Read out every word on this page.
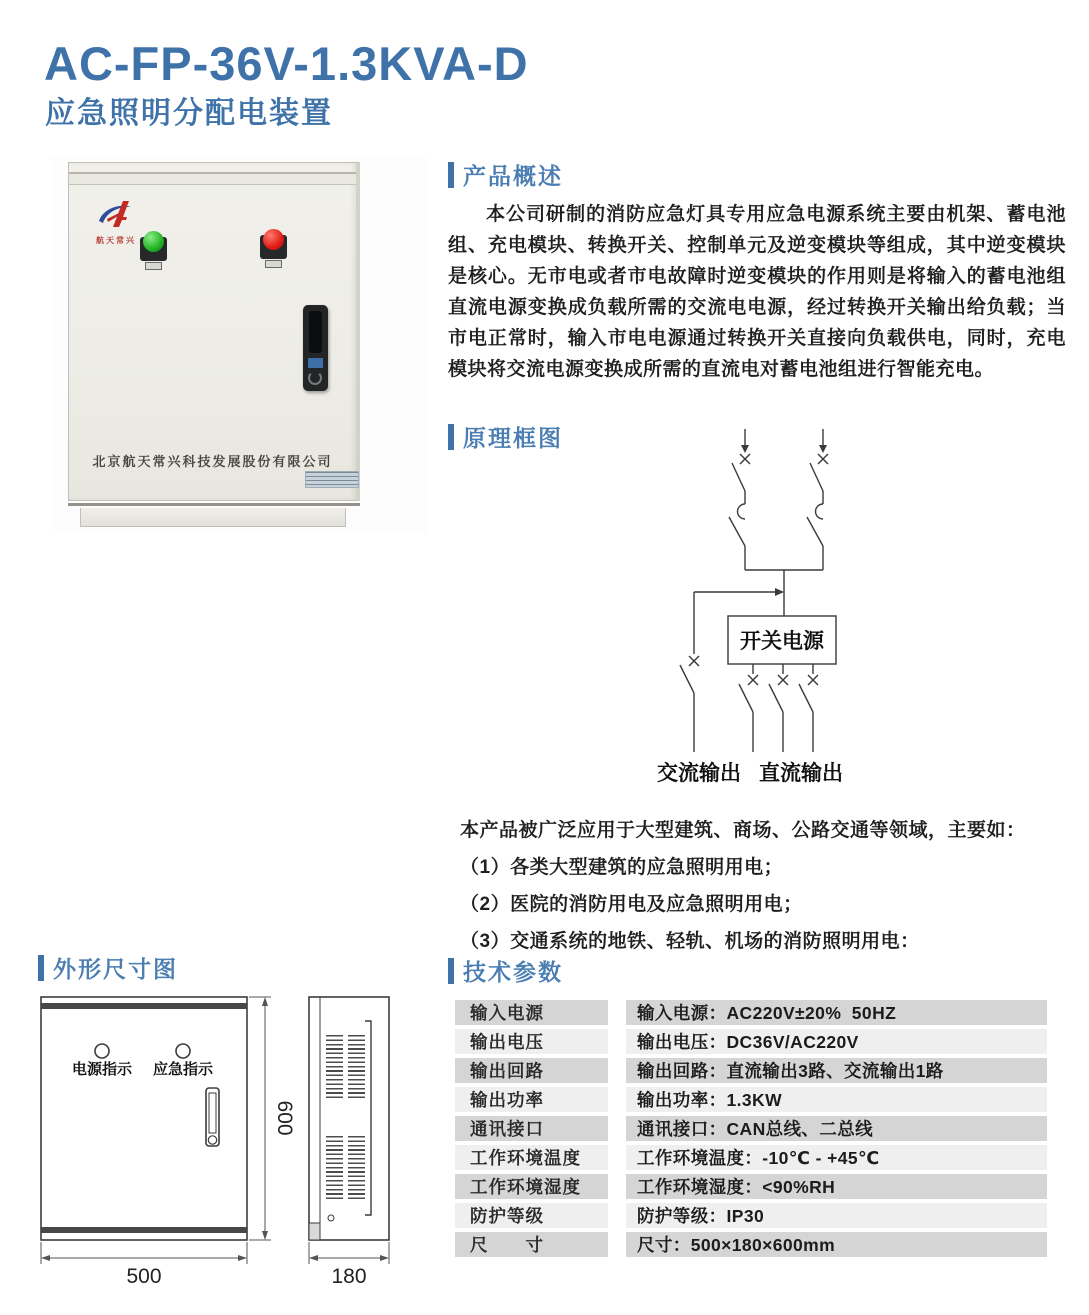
AC-FP-36V-1.3KVA-D
应急照明分配电装置
航天常兴
北京航天常兴科技发展股份有限公司
产品概述
本公司研制的消防应急灯具专用应急电源系统主要由机架、蓄电池组、充电模块、转换开关、控制单元及逆变模块等组成，其中逆变模块是核心。无市电或者市电故障时逆变模块的作用则是将输入的蓄电池组直流电源变换成负载所需的交流电电源，经过转换开关输出给负载；当市电正常时，输入市电电源通过转换开关直接向负载供电，同时，充电模块将交流电源变换成所需的直流电对蓄电池组进行智能充电。
原理框图
开关电源
交流输出 直流输出
本产品被广泛应用于大型建筑、商场、公路交通等领域，主要如：
（1）各类大型建筑的应急照明用电；
（2）医院的消防用电及应急照明用电；
（3）交通系统的地铁、轻轨、机场的消防照明用电：
外形尺寸图
电源指示 应急指示
600
500	180
技术参数
输入电源	输入电源：AC220V±20%  50HZ
输出电压	输出电压：DC36V/AC220V
输出回路	输出回路：直流输出3路、交流输出1路
输出功率	输出功率：1.3KW
通讯接口	通讯接口：CAN总线、二总线
工作环境温度	工作环境温度：-10℃ - +45℃
工作环境湿度	工作环境湿度：<90%RH
防护等级	防护等级：IP30
尺　　寸	尺寸：500×180×600mm
